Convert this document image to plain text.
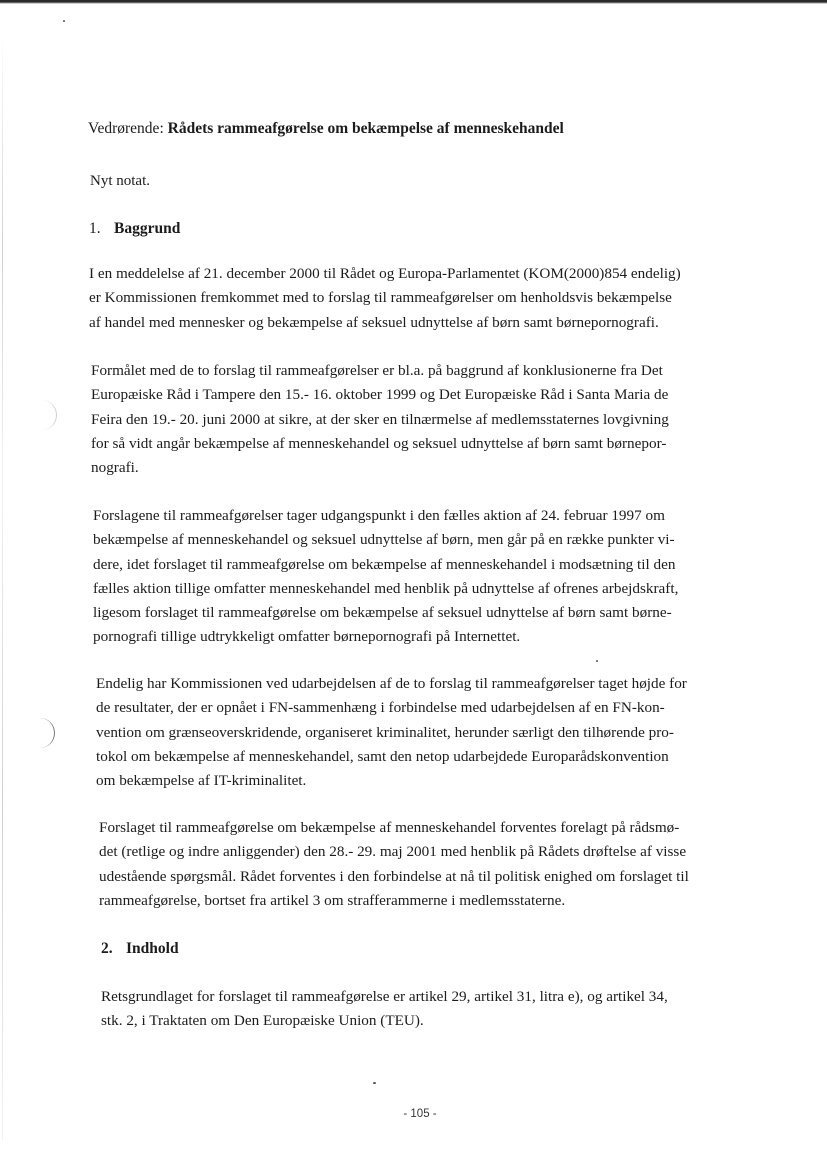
Vedrørende: Rådets rammeafgørelse om bekæmpelse af menneskehandel
Nyt notat.
1. Baggrund
I en meddelelse af 21. december 2000 til Rådet og Europa-Parlamentet (KOM(2000)854 endelig)
er Kommissionen fremkommet med to forslag til rammeafgørelser om henholdsvis bekæmpelse
af handel med mennesker og bekæmpelse af seksuel udnyttelse af børn samt børnepornografi.
Formålet med de to forslag til rammeafgørelser er bl.a. på baggrund af konklusionerne fra Det
Europæiske Råd i Tampere den 15.- 16. oktober 1999 og Det Europæiske Råd i Santa Maria de
Feira den 19.- 20. juni 2000 at sikre, at der sker en tilnærmelse af medlemsstaternes lovgivning
for så vidt angår bekæmpelse af menneskehandel og seksuel udnyttelse af børn samt børnepor-
nografi.
Forslagene til rammeafgørelser tager udgangspunkt i den fælles aktion af 24. februar 1997 om
bekæmpelse af menneskehandel og seksuel udnyttelse af børn, men går på en række punkter vi-
dere, idet forslaget til rammeafgørelse om bekæmpelse af menneskehandel i modsætning til den
fælles aktion tillige omfatter menneskehandel med henblik på udnyttelse af ofrenes arbejdskraft,
ligesom forslaget til rammeafgørelse om bekæmpelse af seksuel udnyttelse af børn samt børne-
pornografi tillige udtrykkeligt omfatter børnepornografi på Internettet.
Endelig har Kommissionen ved udarbejdelsen af de to forslag til rammeafgørelser taget højde for
de resultater, der er opnået i FN-sammenhæng i forbindelse med udarbejdelsen af en FN-kon-
vention om grænseoverskridende, organiseret kriminalitet, herunder særligt den tilhørende pro-
tokol om bekæmpelse af menneskehandel, samt den netop udarbejdede Europarådskonvention
om bekæmpelse af IT-kriminalitet.
Forslaget til rammeafgørelse om bekæmpelse af menneskehandel forventes forelagt på rådsmø-
det (retlige og indre anliggender) den 28.- 29. maj 2001 med henblik på Rådets drøftelse af visse
udestående spørgsmål. Rådet forventes i den forbindelse at nå til politisk enighed om forslaget til
rammeafgørelse, bortset fra artikel 3 om strafferammerne i medlemsstaterne.
2. Indhold
Retsgrundlaget for forslaget til rammeafgørelse er artikel 29, artikel 31, litra e), og artikel 34,
stk. 2, i Traktaten om Den Europæiske Union (TEU).
- 105 -
